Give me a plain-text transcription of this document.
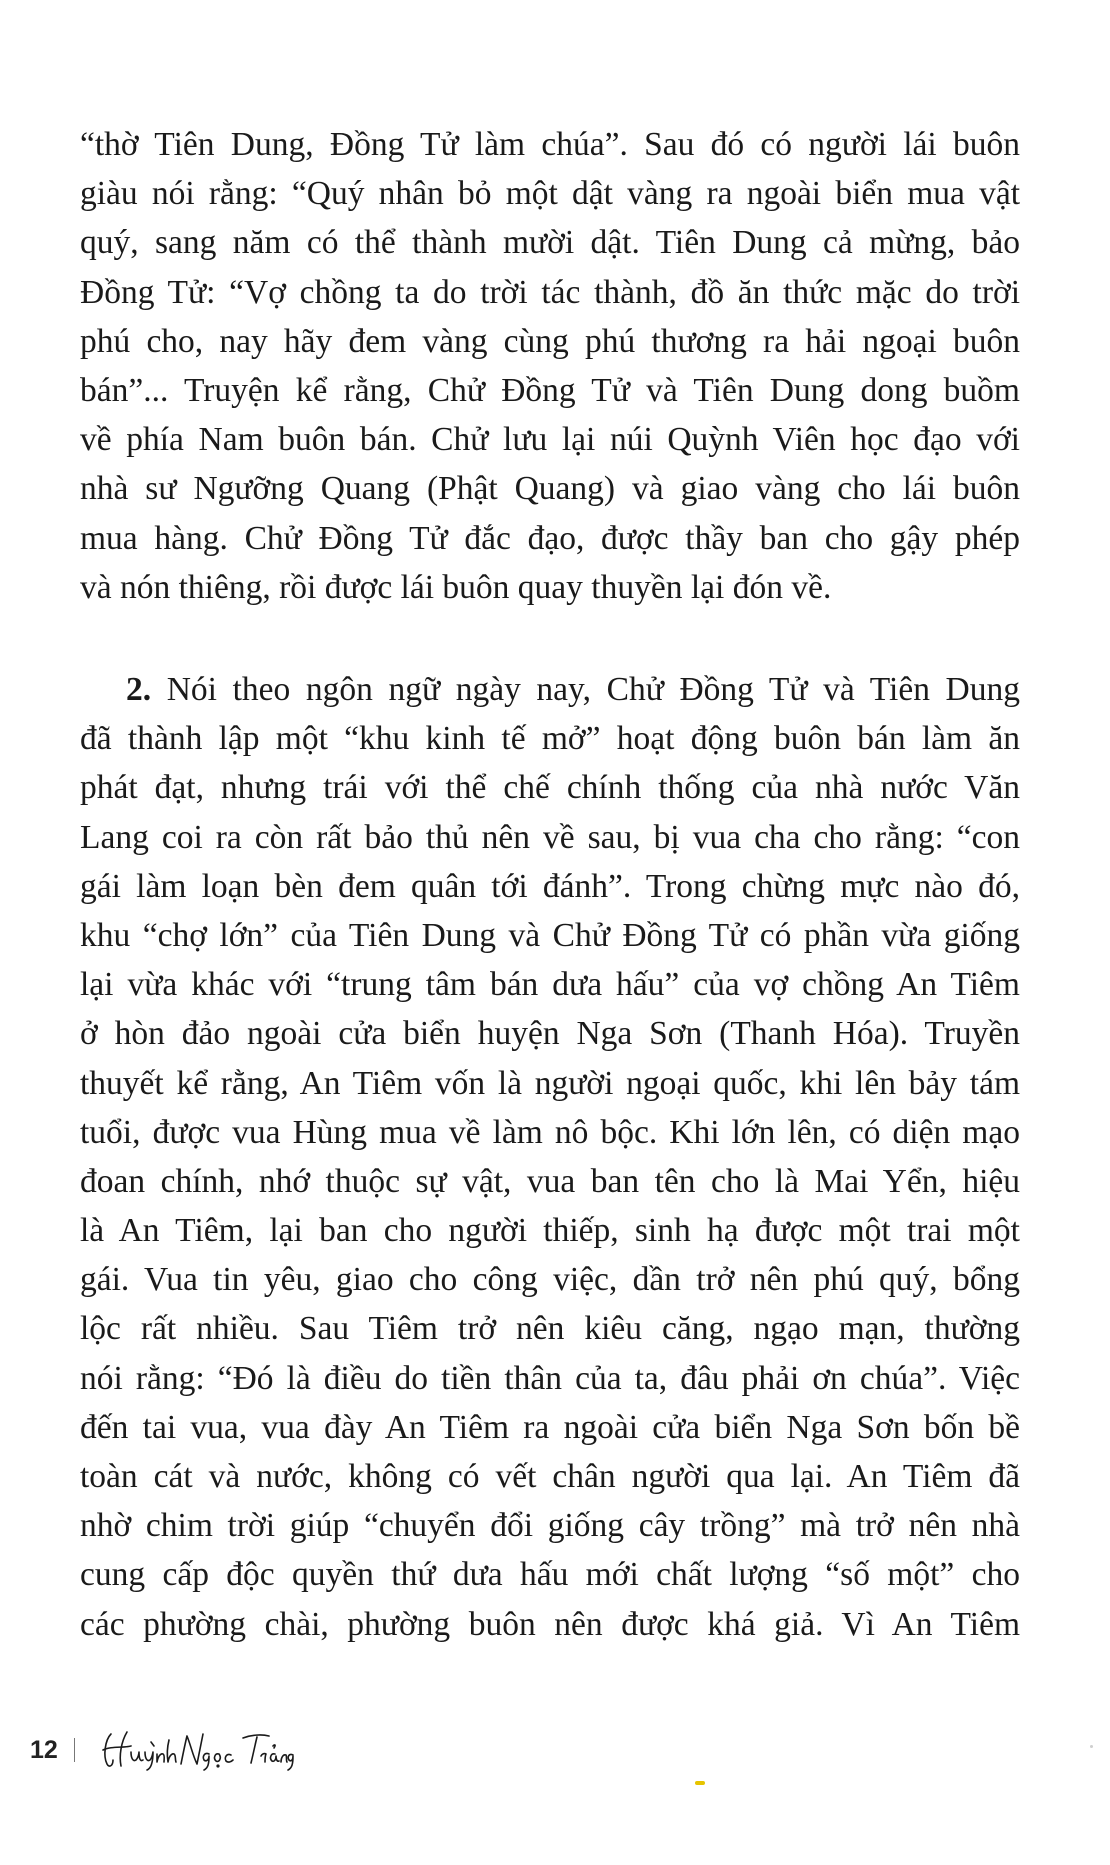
“thờ Tiên Dung, Đồng Tử làm chúa”. Sau đó có người lái buôn
giàu nói rằng: “Quý nhân bỏ một dật vàng ra ngoài biển mua vật
quý, sang năm có thể thành mười dật. Tiên Dung cả mừng, bảo
Đồng Tử: “Vợ chồng ta do trời tác thành, đồ ăn thức mặc do trời
phú cho, nay hãy đem vàng cùng phú thương ra hải ngoại buôn
bán”... Truyện kể rằng, Chử Đồng Tử và Tiên Dung dong buồm
về phía Nam buôn bán. Chử lưu lại núi Quỳnh Viên học đạo với
nhà sư Ngưỡng Quang (Phật Quang) và giao vàng cho lái buôn
mua hàng. Chử Đồng Tử đắc đạo, được thầy ban cho gậy phép
và nón thiêng, rồi được lái buôn quay thuyền lại đón về.
2. Nói theo ngôn ngữ ngày nay, Chử Đồng Tử và Tiên Dung
đã thành lập một “khu kinh tế mở” hoạt động buôn bán làm ăn
phát đạt, nhưng trái với thể chế chính thống của nhà nước Văn
Lang coi ra còn rất bảo thủ nên về sau, bị vua cha cho rằng: “con
gái làm loạn bèn đem quân tới đánh”. Trong chừng mực nào đó,
khu “chợ lớn” của Tiên Dung và Chử Đồng Tử có phần vừa giống
lại vừa khác với “trung tâm bán dưa hấu” của vợ chồng An Tiêm
ở hòn đảo ngoài cửa biển huyện Nga Sơn (Thanh Hóa). Truyền
thuyết kể rằng, An Tiêm vốn là người ngoại quốc, khi lên bảy tám
tuổi, được vua Hùng mua về làm nô bộc. Khi lớn lên, có diện mạo
đoan chính, nhớ thuộc sự vật, vua ban tên cho là Mai Yển, hiệu
là An Tiêm, lại ban cho người thiếp, sinh hạ được một trai một
gái. Vua tin yêu, giao cho công việc, dần trở nên phú quý, bổng
lộc rất nhiều. Sau Tiêm trở nên kiêu căng, ngạo mạn, thường
nói rằng: “Đó là điều do tiền thân của ta, đâu phải ơn chúa”. Việc
đến tai vua, vua đày An Tiêm ra ngoài cửa biển Nga Sơn bốn bề
toàn cát và nước, không có vết chân người qua lại. An Tiêm đã
nhờ chim trời giúp “chuyển đổi giống cây trồng” mà trở nên nhà
cung cấp độc quyền thứ dưa hấu mới chất lượng “số một” cho
các phường chài, phường buôn nên được khá giả. Vì An Tiêm
12
